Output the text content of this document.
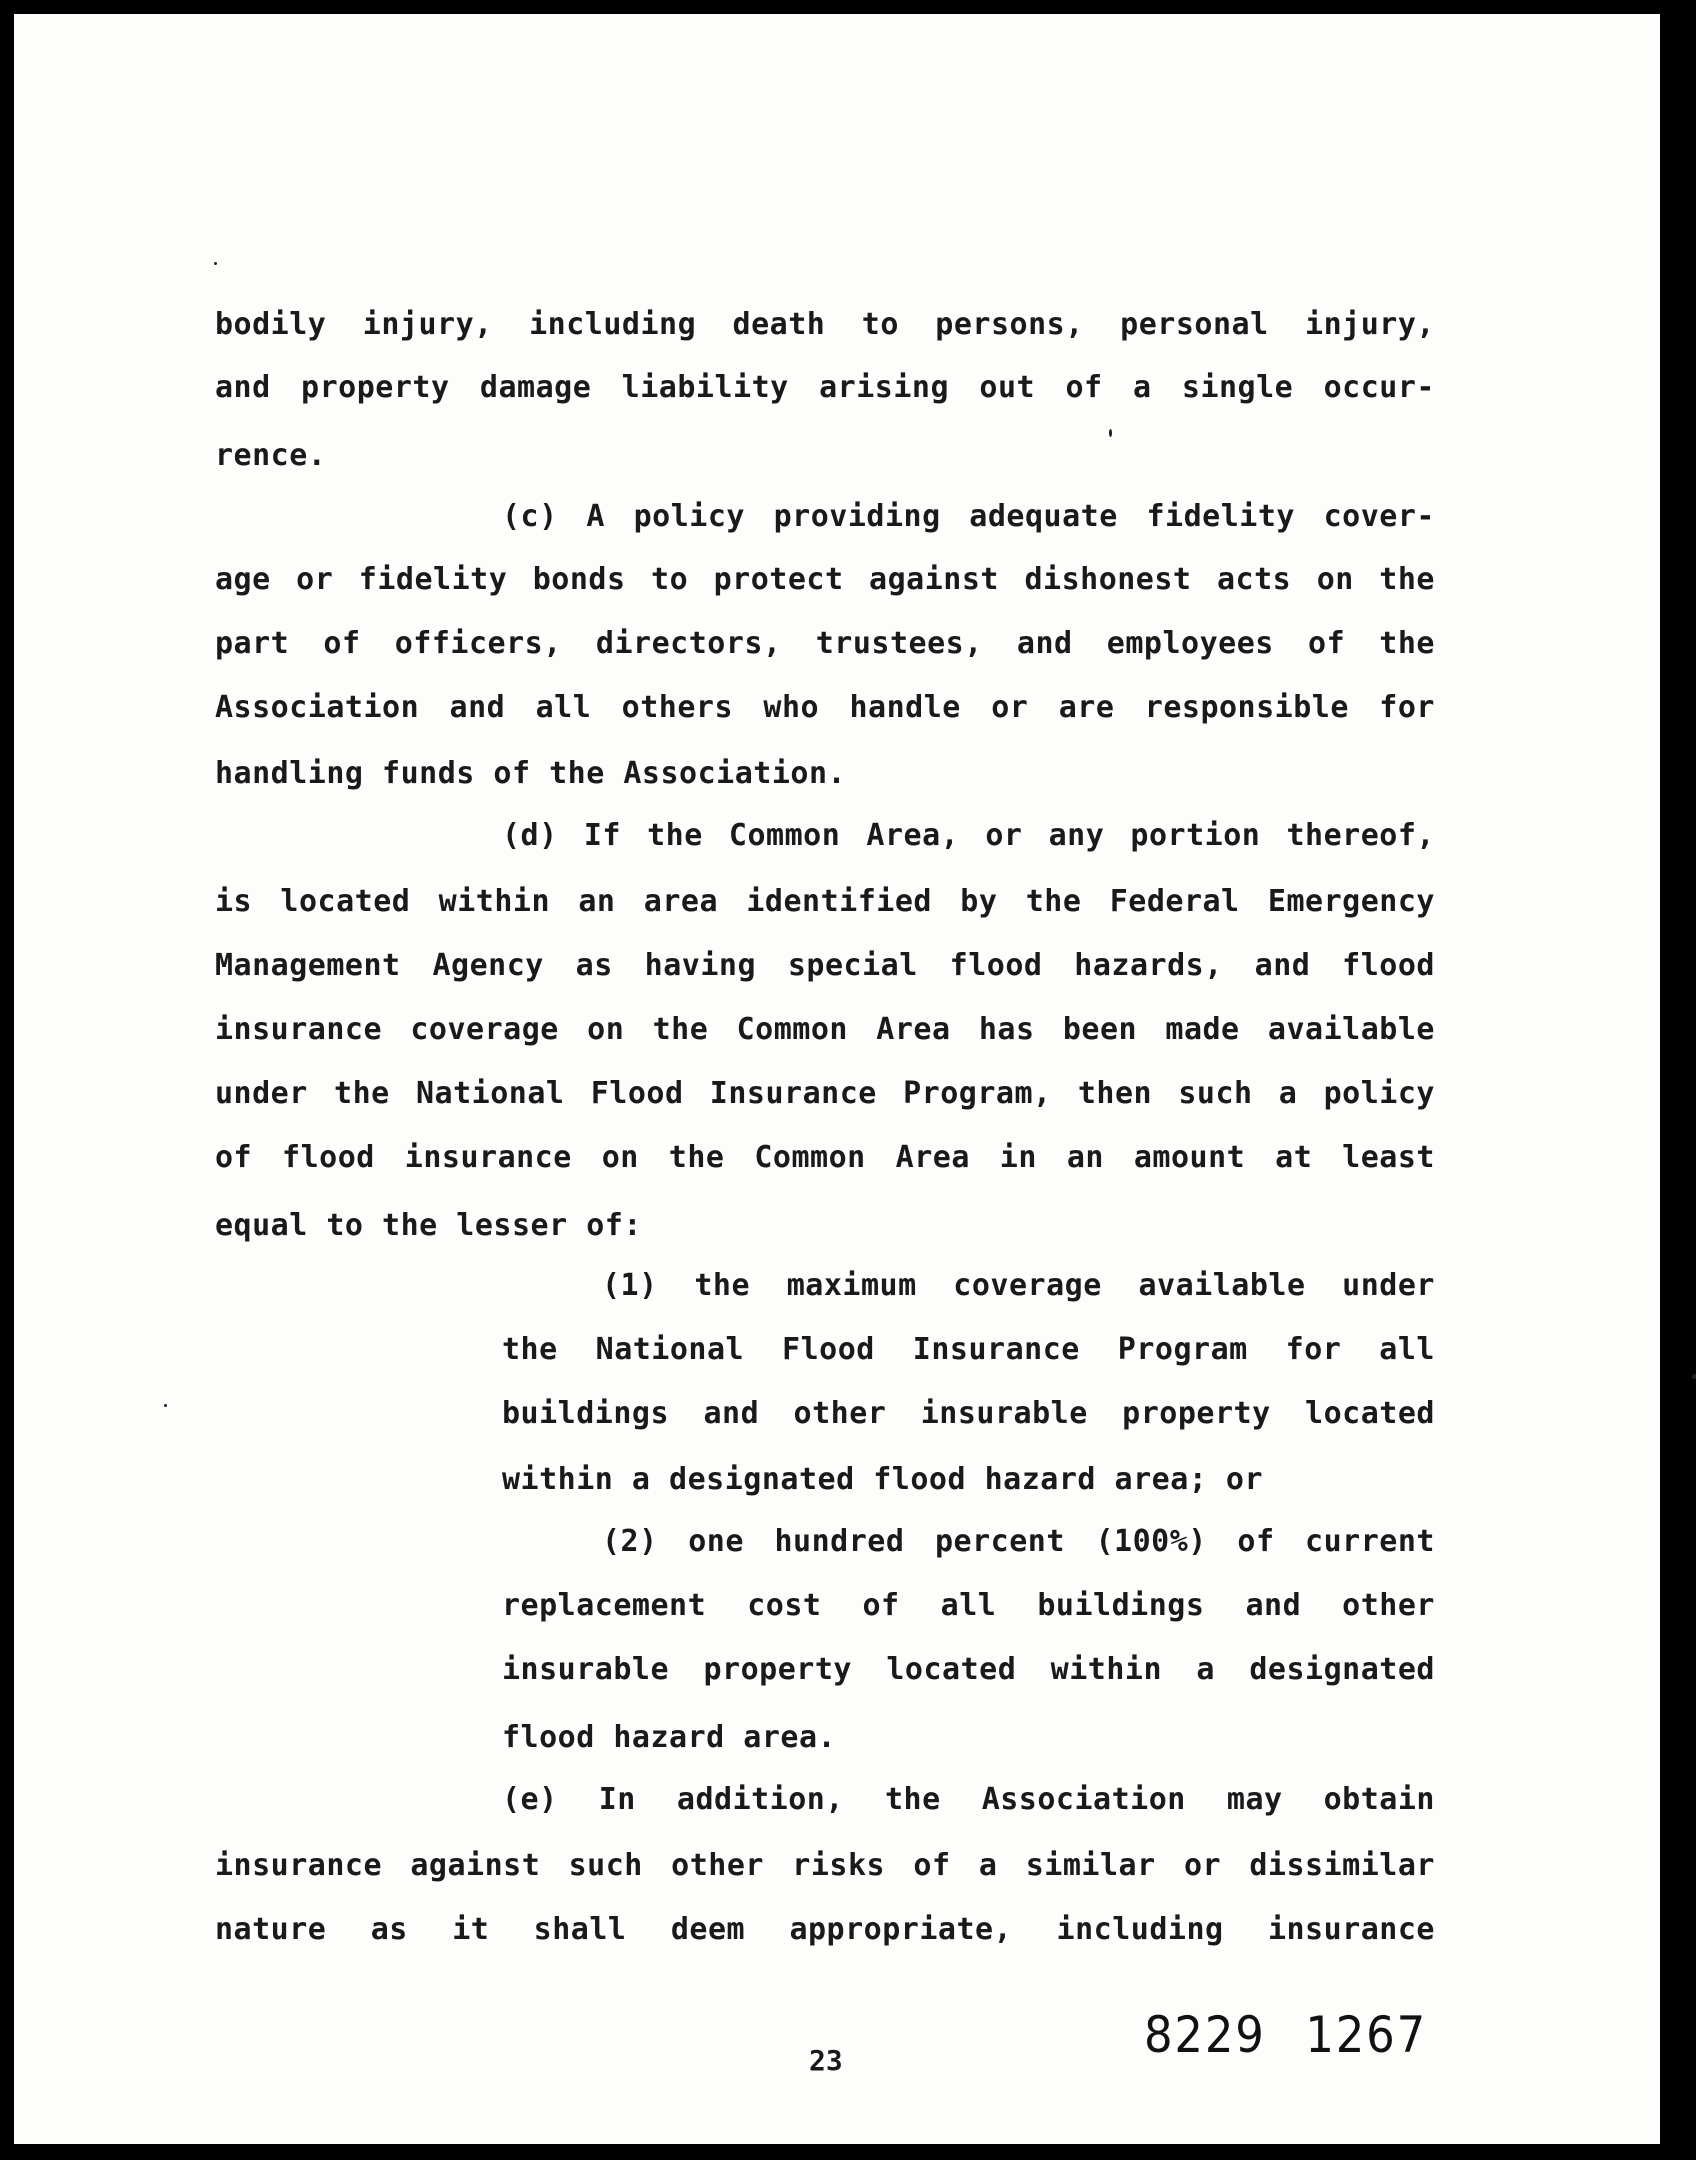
bodily injury, including death to persons, personal injury,
and property damage liability arising out of a single occur-
rence.
(c) A policy providing adequate fidelity cover-
age or fidelity bonds to protect against dishonest acts on the
part of officers, directors, trustees, and employees of the
Association and all others who handle or are responsible for
handling funds of the Association.
(d) If the Common Area, or any portion thereof,
is located within an area identified by the Federal Emergency
Management Agency as having special flood hazards, and flood
insurance coverage on the Common Area has been made available
under the National Flood Insurance Program, then such a policy
of flood insurance on the Common Area in an amount at least
equal to the lesser of:
(1) the maximum coverage available under
the National Flood Insurance Program for all
buildings and other insurable property located
within a designated flood hazard area; or
(2) one hundred percent (100%) of current
replacement cost of all buildings and other
insurable property located within a designated
flood hazard area.
(e) In addition, the Association may obtain
insurance against such other risks of a similar or dissimilar
nature as it shall deem appropriate, including insurance
23	8229 1267
